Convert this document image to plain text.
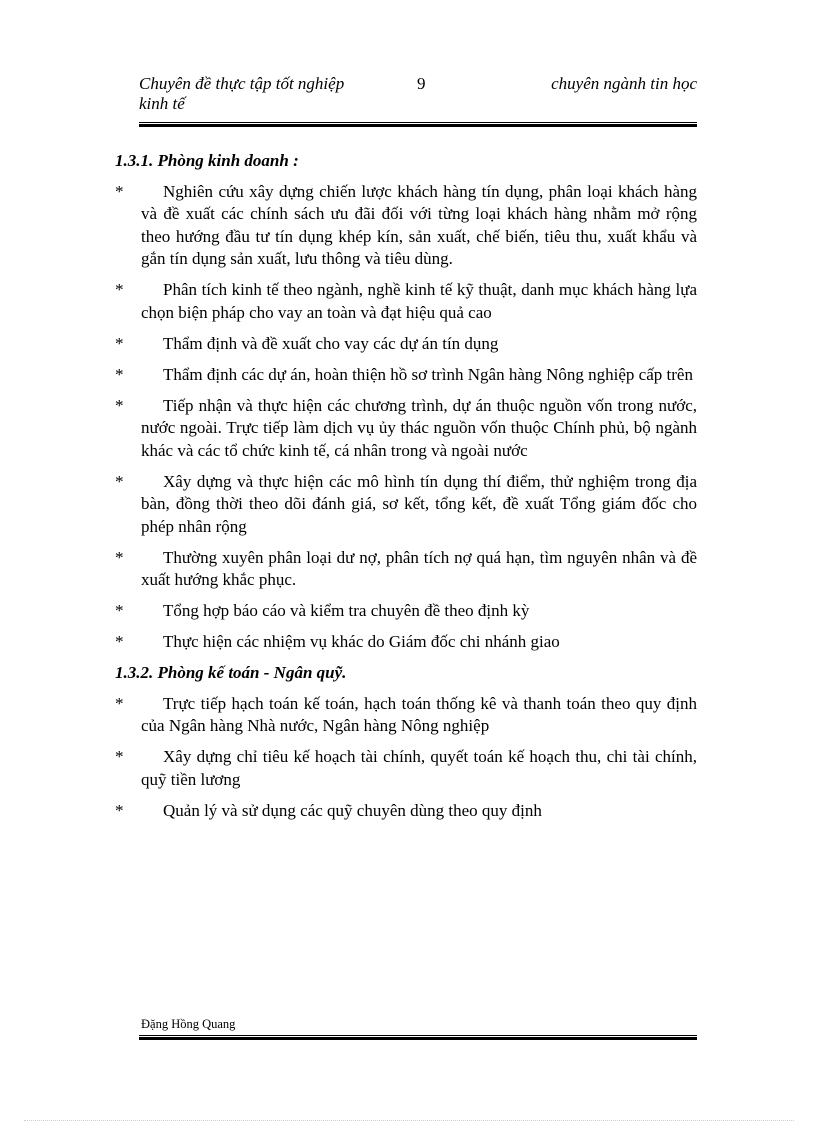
Chuyên đề thực tập tốt nghiệp
kinh tế
9	chuyên ngành tin học
1.3.1. Phòng kinh doanh :
*	Nghiên cứu xây dựng chiến lược khách hàng tín dụng, phân loại khách hàng và đề xuất các chính sách ưu đãi đối với từng loại khách hàng nhằm mở rộng theo hướng đầu tư tín dụng khép kín, sản xuất, chế biến, tiêu thu, xuất khẩu và gắn tín dụng sản xuất, lưu thông và tiêu dùng.
*	Phân tích kinh tế theo ngành, nghề kinh tế kỹ thuật, danh mục khách hàng lựa chọn biện pháp cho vay an toàn và đạt hiệu quả cao
*	Thẩm định và đề xuất cho vay các dự án tín dụng
*	Thẩm định các dự án, hoàn thiện hồ sơ trình Ngân hàng Nông nghiệp cấp trên
*	Tiếp nhận và thực hiện các chương trình, dự án thuộc nguồn vốn trong nước, nước ngoài. Trực tiếp làm dịch vụ ủy thác nguồn vốn thuộc Chính phủ, bộ ngành khác và các tổ chức kinh tế, cá nhân trong và ngoài nước
*	Xây dựng và thực hiện các mô hình tín dụng thí điểm, thử nghiệm trong địa bàn, đồng thời theo dõi đánh giá, sơ kết, tổng kết, đề xuất Tổng giám đốc cho phép nhân rộng
*	Thường xuyên phân loại dư nợ, phân tích nợ quá hạn, tìm nguyên nhân và đề xuất hướng khắc phục.
*	Tổng hợp báo cáo và kiểm tra chuyên đề theo định kỳ
*	Thực hiện các nhiệm vụ khác do Giám đốc chi nhánh giao
1.3.2. Phòng kế toán - Ngân quỹ.
*	Trực tiếp hạch toán kế toán, hạch toán thống kê và thanh toán theo quy định của Ngân hàng Nhà nước, Ngân hàng Nông nghiệp
*	Xây dựng chỉ tiêu kế hoạch tài chính, quyết toán kế hoạch thu, chi tài chính, quỹ tiền lương
*	Quản lý và sử dụng các quỹ chuyên dùng theo quy định
Đặng Hồng Quang
